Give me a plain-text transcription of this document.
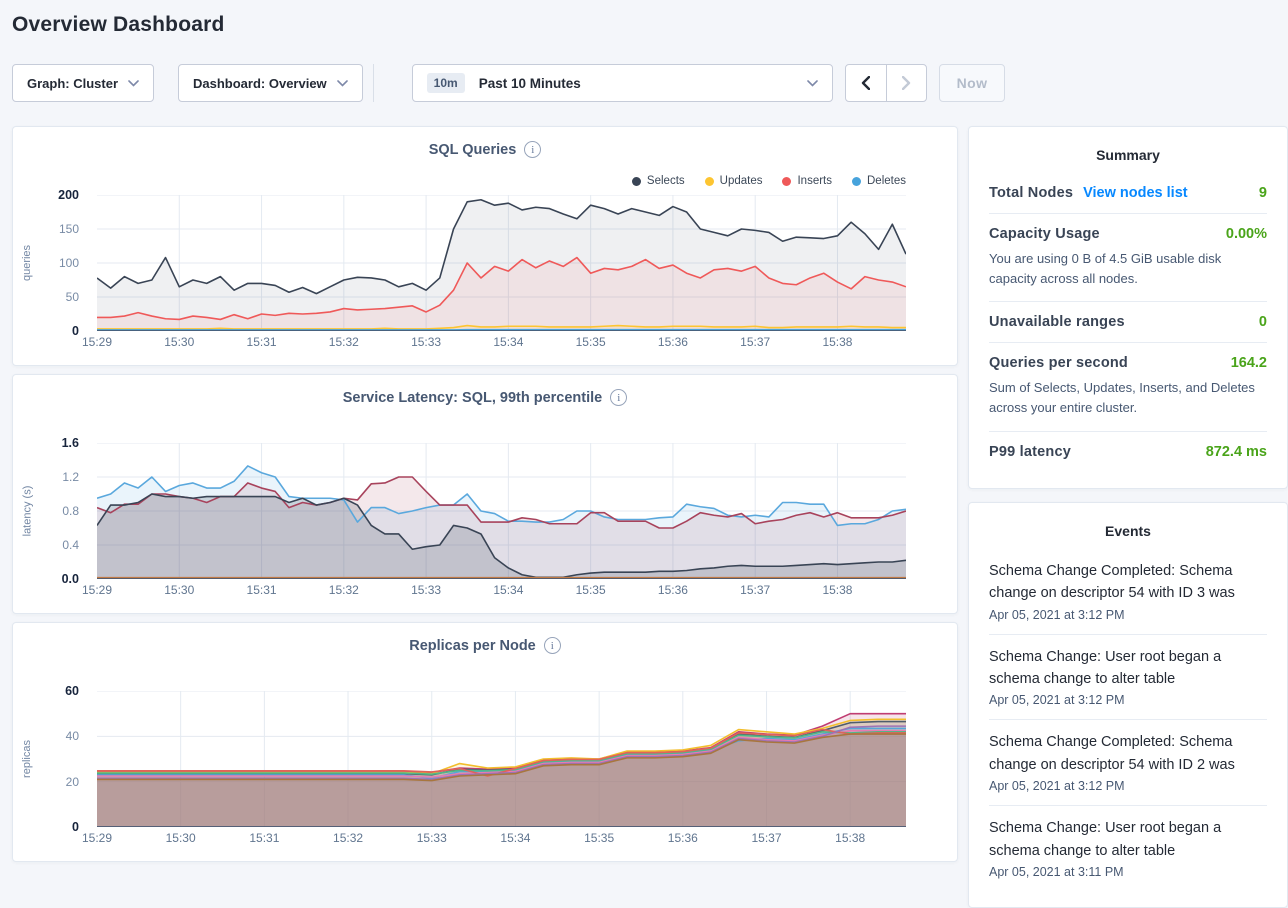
Overview Dashboard
Graph: Cluster	Dashboard: Overview	10m	Past 10 Minutes	Now
SQL Queries	i
Selects	Updates	Inserts	Deletes
0
50
100
150
200
queries
15:29	15:30	15:31	15:32	15:33	15:34	15:35	15:36	15:37	15:38
Service Latency: SQL, 99th percentile	i
0.0
0.4
0.8
1.2
1.6
latency (s)
15:29	15:30	15:31	15:32	15:33	15:34	15:35	15:36	15:37	15:38
Replicas per Node	i
0
20
40
60
replicas
15:29	15:30	15:31	15:32	15:33	15:34	15:35	15:36	15:37	15:38
Summary
Total Nodes View nodes list	9
Capacity Usage	0.00%
You are using 0 B of 4.5 GiB usable disk capacity across all nodes.
Unavailable ranges	0
Queries per second	164.2
Sum of Selects, Updates, Inserts, and Deletes across your entire cluster.
P99 latency	872.4 ms
Events
Schema Change Completed: Schema change on descriptor 54 with ID 3 was
Apr 05, 2021 at 3:12 PM
Schema Change: User root began a schema change to alter table
Apr 05, 2021 at 3:12 PM
Schema Change Completed: Schema change on descriptor 54 with ID 2 was
Apr 05, 2021 at 3:12 PM
Schema Change: User root began a schema change to alter table
Apr 05, 2021 at 3:11 PM
